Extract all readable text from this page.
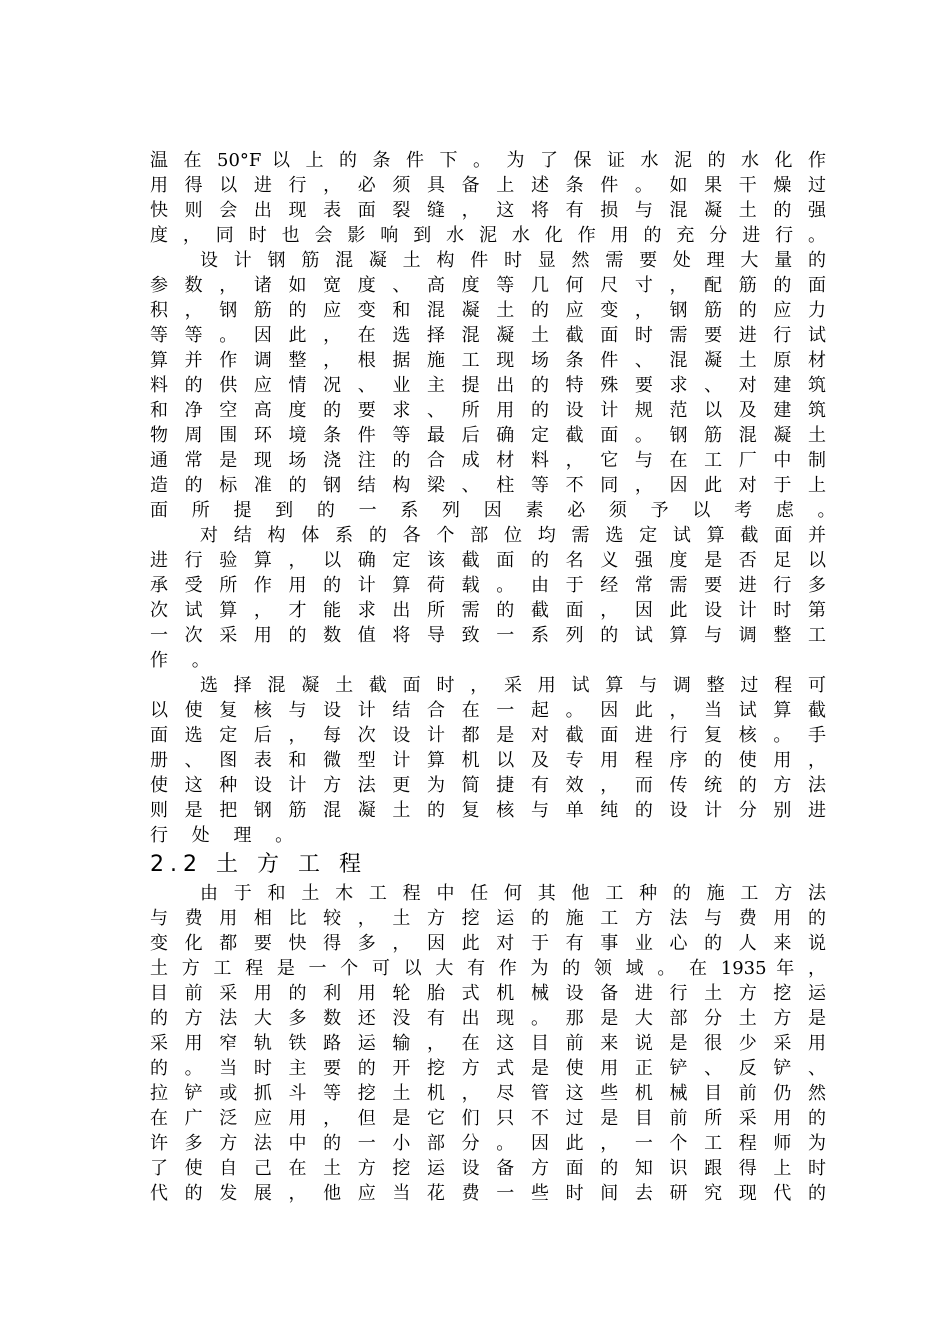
温 在 50°F 以 上 的 条 件 下 。 为 了 保 证 水 泥 的 水 化 作
用 得 以 进 行 ， 必 须 具 备 上 述 条 件 。 如 果 干 燥 过
快 则 会 出 现 表 面 裂 缝 ， 这 将 有 损 与 混 凝 土 的 强
度 ， 同 时 也 会 影 响 到 水 泥 水 化 作 用 的 充 分 进 行 。
设 计 钢 筋 混 凝 土 构 件 时 显 然 需 要 处 理 大 量 的
参 数 ， 诸 如 宽 度 、 高 度 等 几 何 尺 寸 ， 配 筋 的 面
积 ， 钢 筋 的 应 变 和 混 凝 土 的 应 变 ， 钢 筋 的 应 力
等 等 。 因 此 ， 在 选 择 混 凝 土 截 面 时 需 要 进 行 试
算 并 作 调 整 ， 根 据 施 工 现 场 条 件 、 混 凝 土 原 材
料 的 供 应 情 况 、 业 主 提 出 的 特 殊 要 求 、 对 建 筑
和 净 空 高 度 的 要 求 、 所 用 的 设 计 规 范 以 及 建 筑
物 周 围 环 境 条 件 等 最 后 确 定 截 面 。 钢 筋 混 凝 土
通 常 是 现 场 浇 注 的 合 成 材 料 ， 它 与 在 工 厂 中 制
造 的 标 准 的 钢 结 构 梁 、 柱 等 不 同 ， 因 此 对 于 上
面 所 提 到 的 一 系 列 因 素 必 须 予 以 考 虑 。
对 结 构 体 系 的 各 个 部 位 均 需 选 定 试 算 截 面 并
进 行 验 算 ， 以 确 定 该 截 面 的 名 义 强 度 是 否 足 以
承 受 所 作 用 的 计 算 荷 载 。 由 于 经 常 需 要 进 行 多
次 试 算 ， 才 能 求 出 所 需 的 截 面 ， 因 此 设 计 时 第
一 次 采 用 的 数 值 将 导 致 一 系 列 的 试 算 与 调 整 工
作 。
选 择 混 凝 土 截 面 时 ， 采 用 试 算 与 调 整 过 程 可
以 使 复 核 与 设 计 结 合 在 一 起 。 因 此 ， 当 试 算 截
面 选 定 后 ， 每 次 设 计 都 是 对 截 面 进 行 复 核 。 手
册 、 图 表 和 微 型 计 算 机 以 及 专 用 程 序 的 使 用 ，
使 这 种 设 计 方 法 更 为 简 捷 有 效 ， 而 传 统 的 方 法
则 是 把 钢 筋 混 凝 土 的 复 核 与 单 纯 的 设 计 分 别 进
行 处 理 。
2.2 土 方 工 程
由 于 和 土 木 工 程 中 任 何 其 他 工 种 的 施 工 方 法
与 费 用 相 比 较 ， 土 方 挖 运 的 施 工 方 法 与 费 用 的
变 化 都 要 快 得 多 ， 因 此 对 于 有 事 业 心 的 人 来 说
土 方 工 程 是 一 个 可 以 大 有 作 为 的 领 域 。 在 1935 年 ，
目 前 采 用 的 利 用 轮 胎 式 机 械 设 备 进 行 土 方 挖 运
的 方 法 大 多 数 还 没 有 出 现 。 那 是 大 部 分 土 方 是
采 用 窄 轨 铁 路 运 输 ， 在 这 目 前 来 说 是 很 少 采 用
的 。 当 时 主 要 的 开 挖 方 式 是 使 用 正 铲 、 反 铲 、
拉 铲 或 抓 斗 等 挖 土 机 ， 尽 管 这 些 机 械 目 前 仍 然
在 广 泛 应 用 ， 但 是 它 们 只 不 过 是 目 前 所 采 用 的
许 多 方 法 中 的 一 小 部 分 。 因 此 ， 一 个 工 程 师 为
了 使 自 己 在 土 方 挖 运 设 备 方 面 的 知 识 跟 得 上 时
代 的 发 展 ， 他 应 当 花 费 一 些 时 间 去 研 究 现 代 的
